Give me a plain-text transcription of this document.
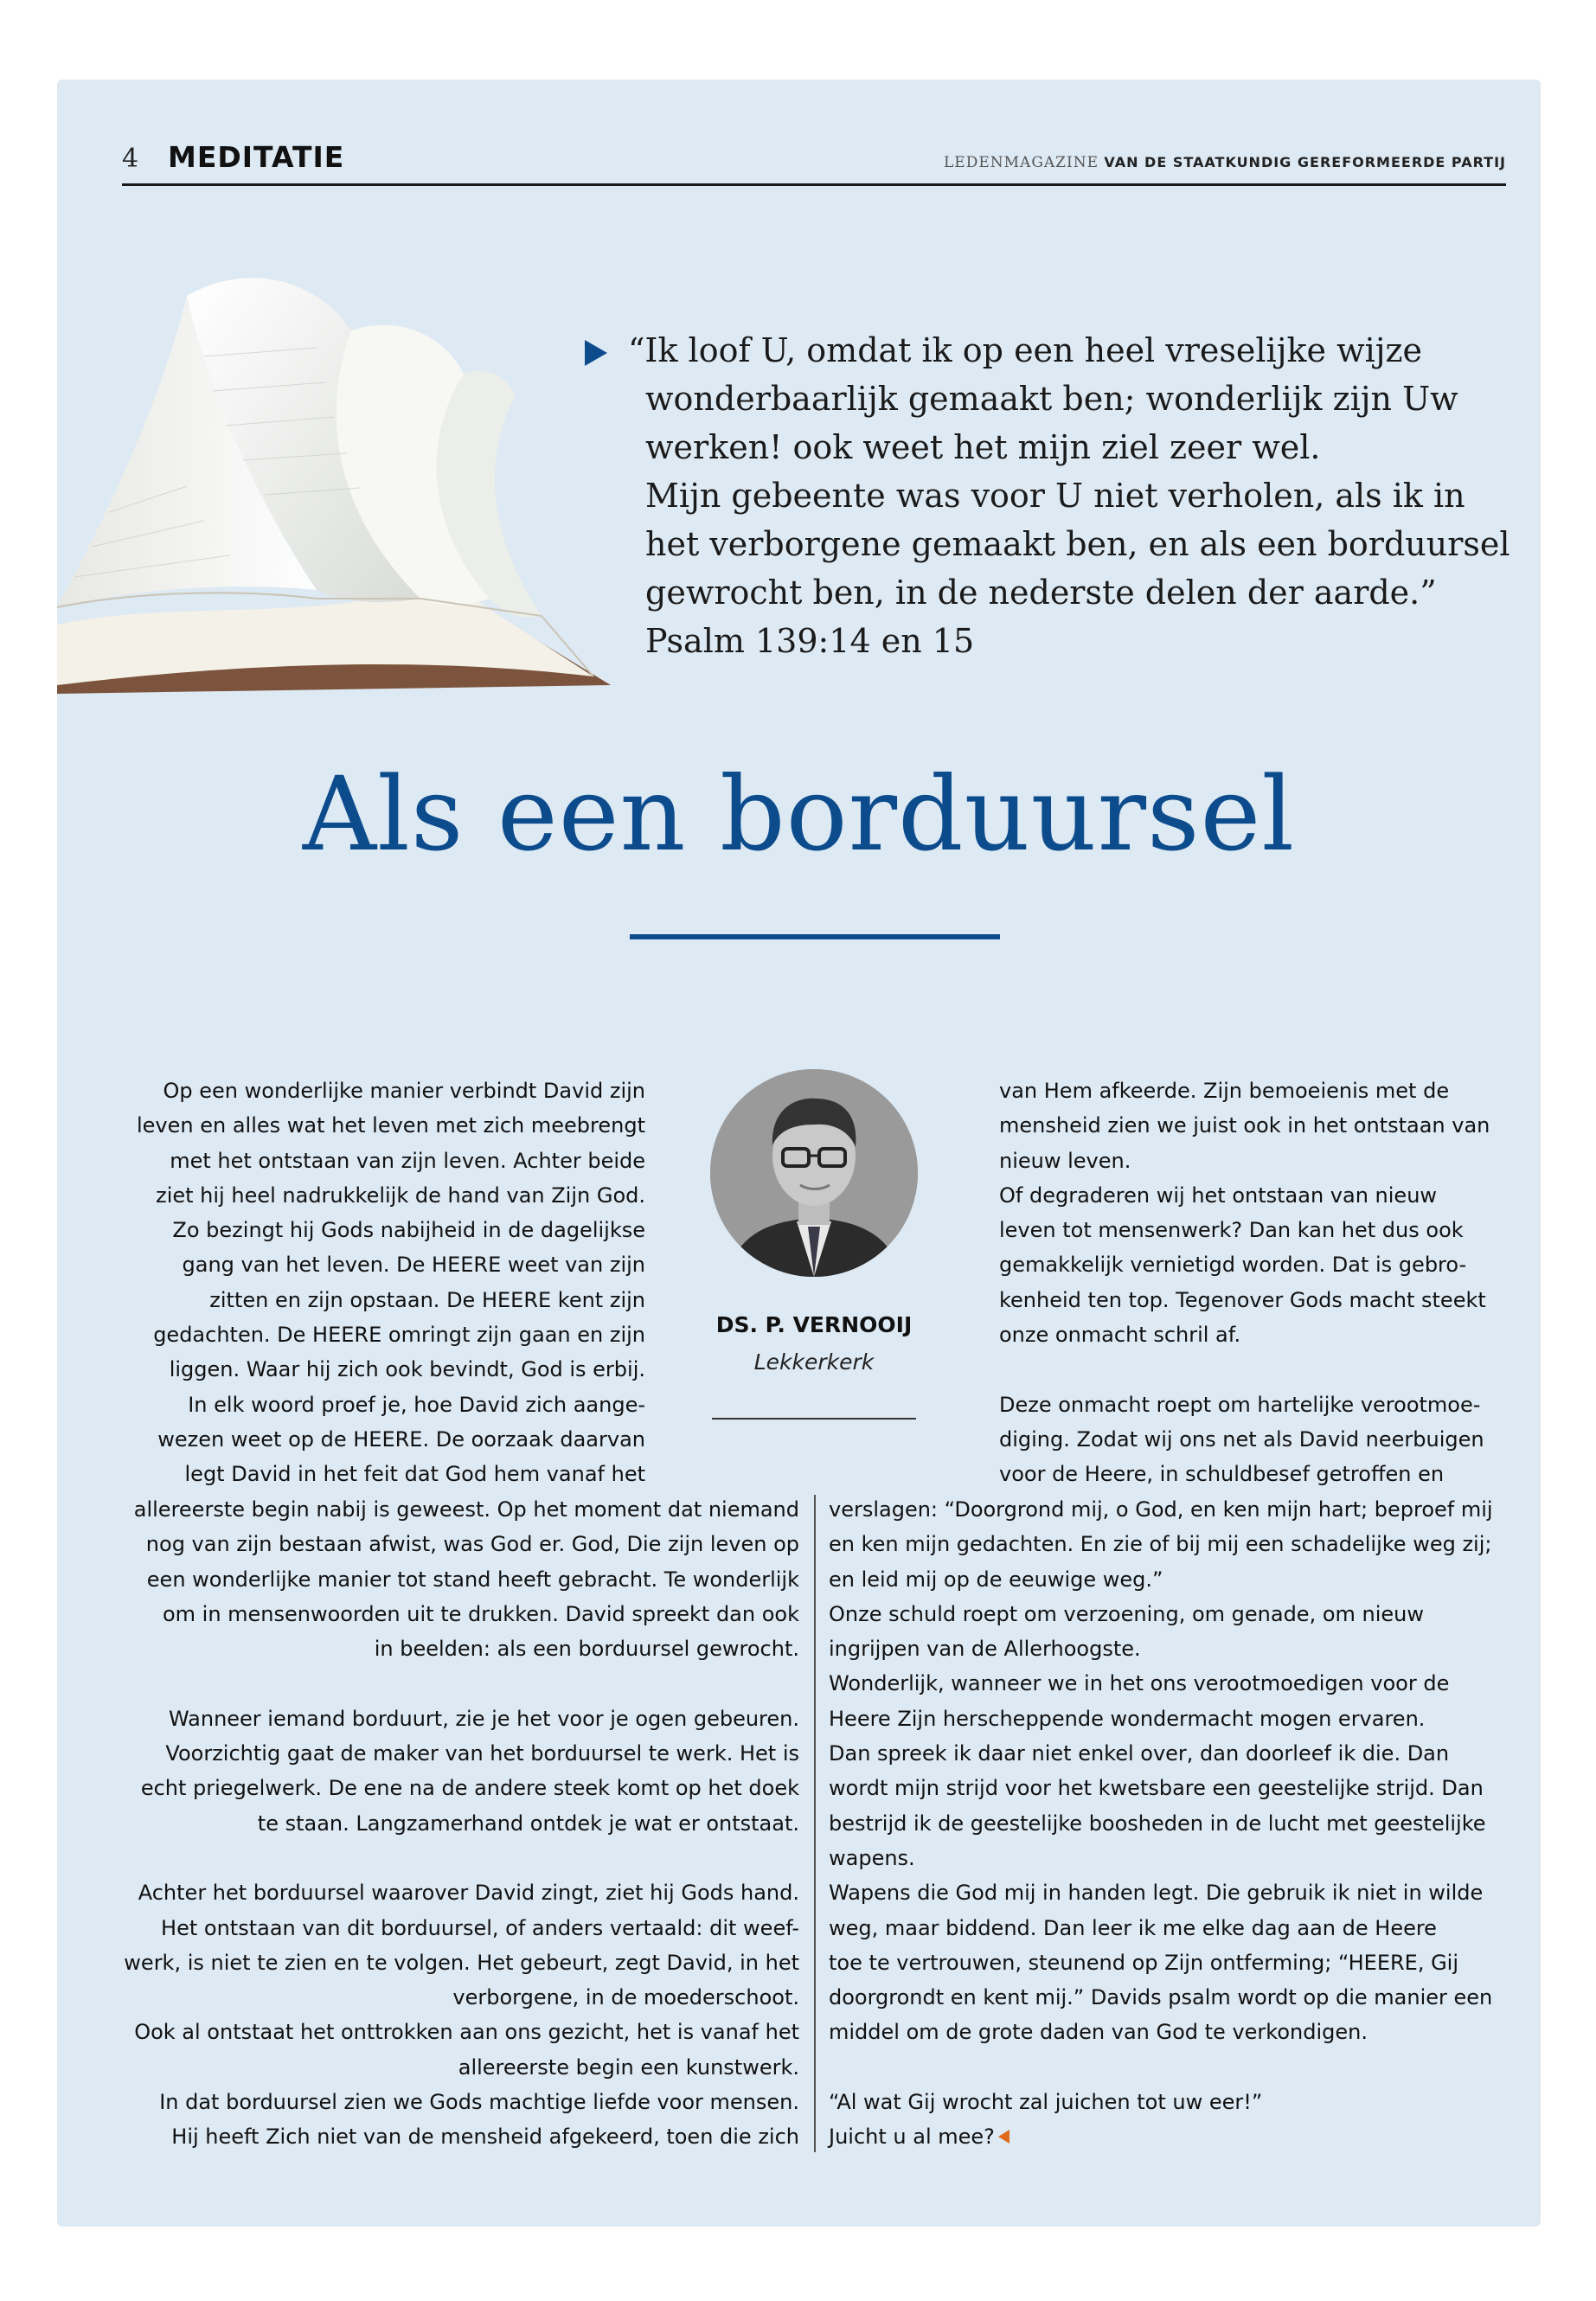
4 MEDITATIE	LEDENMAGAZINE VAN DE STAATKUNDIG GEREFORMEERDE PARTIJ
“Ik loof U, omdat ik op een heel vreselijke wijze
wonderbaarlijk gemaakt ben; wonderlijk zijn Uw
werken! ook weet het mijn ziel zeer wel.
Mijn gebeente was voor U niet verholen, als ik in
het verborgene gemaakt ben, en als een borduursel
gewrocht ben, in de nederste delen der aarde.”
Psalm 139:14 en 15
Als een borduursel
DS. P. VERNOOIJ
Lekkerkerk
Op een wonderlijke manier verbindt David zijn
leven en alles wat het leven met zich meebrengt
met het ontstaan van zijn leven. Achter beide
ziet hij heel nadrukkelijk de hand van Zijn God.
Zo bezingt hij Gods nabijheid in de dagelijkse
gang van het leven. De HEERE weet van zijn
zitten en zijn opstaan. De HEERE kent zijn
gedachten. De HEERE omringt zijn gaan en zijn
liggen. Waar hij zich ook bevindt, God is erbij.
In elk woord proef je, hoe David zich aange-
wezen weet op de HEERE. De oorzaak daarvan
legt David in het feit dat God hem vanaf het
allereerste begin nabij is geweest. Op het moment dat niemand
nog van zijn bestaan afwist, was God er. God, Die zijn leven op
een wonderlijke manier tot stand heeft gebracht. Te wonderlijk
om in mensenwoorden uit te drukken. David spreekt dan ook
in beelden: als een borduursel gewrocht.

Wanneer iemand borduurt, zie je het voor je ogen gebeuren.
Voorzichtig gaat de maker van het borduursel te werk. Het is
echt priegelwerk. De ene na de andere steek komt op het doek
te staan. Langzamerhand ontdek je wat er ontstaat.

Achter het borduursel waarover David zingt, ziet hij Gods hand.
Het ontstaan van dit borduursel, of anders vertaald: dit weef-
werk, is niet te zien en te volgen. Het gebeurt, zegt David, in het
verborgene, in de moederschoot.
Ook al ontstaat het onttrokken aan ons gezicht, het is vanaf het
allereerste begin een kunstwerk.
In dat borduursel zien we Gods machtige liefde voor mensen.
Hij heeft Zich niet van de mensheid afgekeerd, toen die zich
van Hem afkeerde. Zijn bemoeienis met de
mensheid zien we juist ook in het ontstaan van
nieuw leven.
Of degraderen wij het ontstaan van nieuw
leven tot mensenwerk? Dan kan het dus ook
gemakkelijk vernietigd worden. Dat is gebro-
kenheid ten top. Tegenover Gods macht steekt
onze onmacht schril af.

Deze onmacht roept om hartelijke verootmoe-
diging. Zodat wij ons net als David neerbuigen
voor de Heere, in schuldbesef getroffen en
verslagen: “Doorgrond mij, o God, en ken mijn hart; beproef mij
en ken mijn gedachten. En zie of bij mij een schadelijke weg zij;
en leid mij op de eeuwige weg.”
Onze schuld roept om verzoening, om genade, om nieuw
ingrijpen van de Allerhoogste.
Wonderlijk, wanneer we in het ons verootmoedigen voor de
Heere Zijn herscheppende wondermacht mogen ervaren.
Dan spreek ik daar niet enkel over, dan doorleef ik die. Dan
wordt mijn strijd voor het kwetsbare een geestelijke strijd. Dan
bestrijd ik de geestelijke boosheden in de lucht met geestelijke
wapens.
Wapens die God mij in handen legt. Die gebruik ik niet in wilde
weg, maar biddend. Dan leer ik me elke dag aan de Heere
toe te vertrouwen, steunend op Zijn ontferming; “HEERE, Gij
doorgrondt en kent mij.” Davids psalm wordt op die manier een
middel om de grote daden van God te verkondigen.

“Al wat Gij wrocht zal juichen tot uw eer!”
Juicht u al mee?
